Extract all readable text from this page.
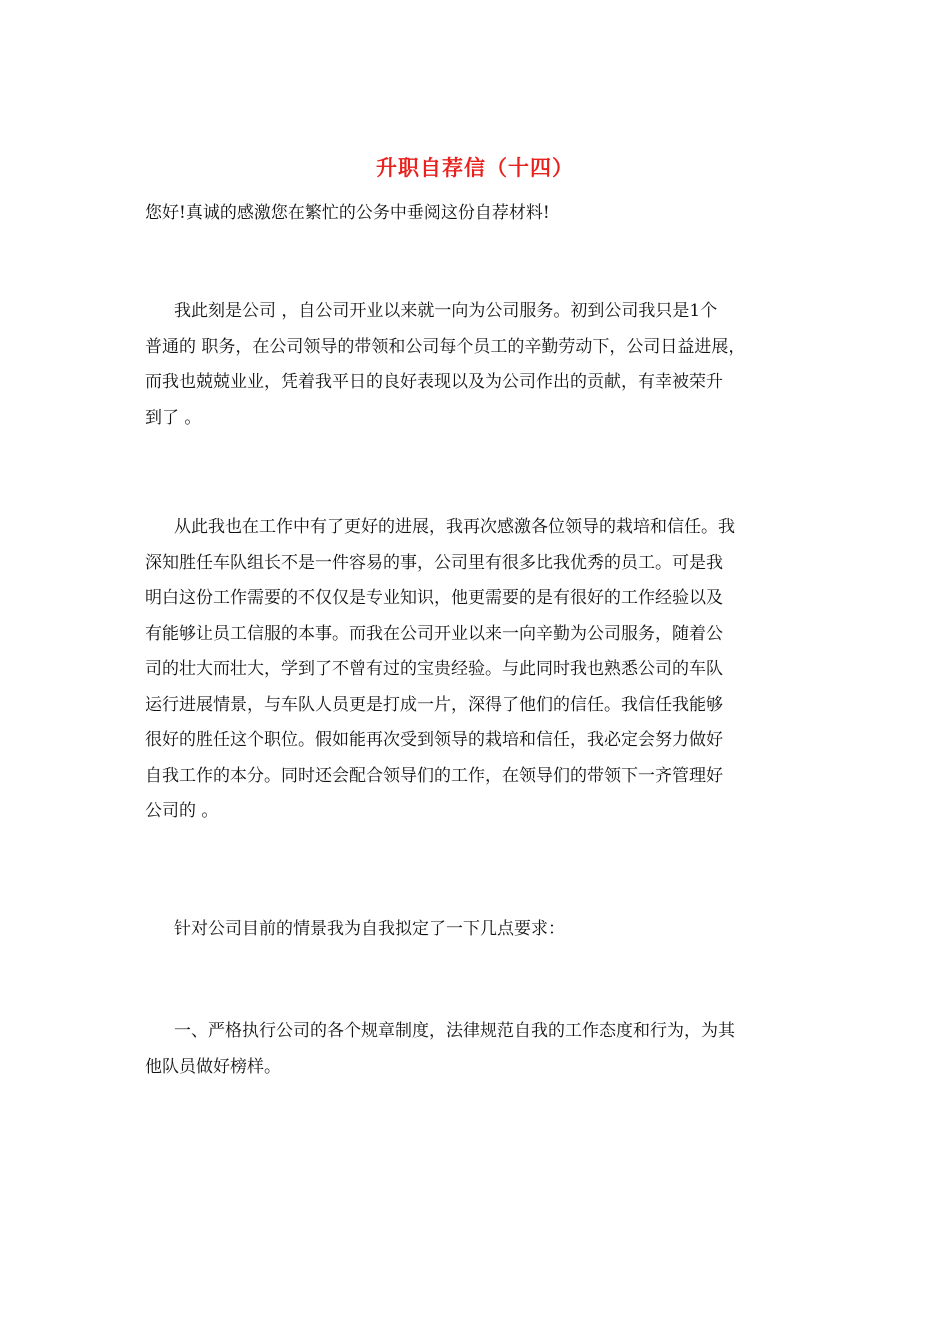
升职自荐信（十四）
您好!真诚的感激您在繁忙的公务中垂阅这份自荐材料!
我此刻是公司 ，自公司开业以来就一向为公司服务。初到公司我只是1个
普通的 职务，在公司领导的带领和公司每个员工的辛勤劳动下，公司日益进展，
而我也兢兢业业，凭着我平日的良好表现以及为公司作出的贡献，有幸被荣升
到了 。
从此我也在工作中有了更好的进展，我再次感激各位领导的栽培和信任。我
深知胜任车队组长不是一件容易的事，公司里有很多比我优秀的员工。可是我
明白这份工作需要的不仅仅是专业知识，他更需要的是有很好的工作经验以及
有能够让员工信服的本事。而我在公司开业以来一向辛勤为公司服务，随着公
司的壮大而壮大，学到了不曾有过的宝贵经验。与此同时我也熟悉公司的车队
运行进展情景，与车队人员更是打成一片，深得了他们的信任。我信任我能够
很好的胜任这个职位。假如能再次受到领导的栽培和信任，我必定会努力做好
自我工作的本分。同时还会配合领导们的工作，在领导们的带领下一齐管理好
公司的 。
针对公司目前的情景我为自我拟定了一下几点要求：
一、严格执行公司的各个规章制度，法律规范自我的工作态度和行为，为其
他队员做好榜样。
